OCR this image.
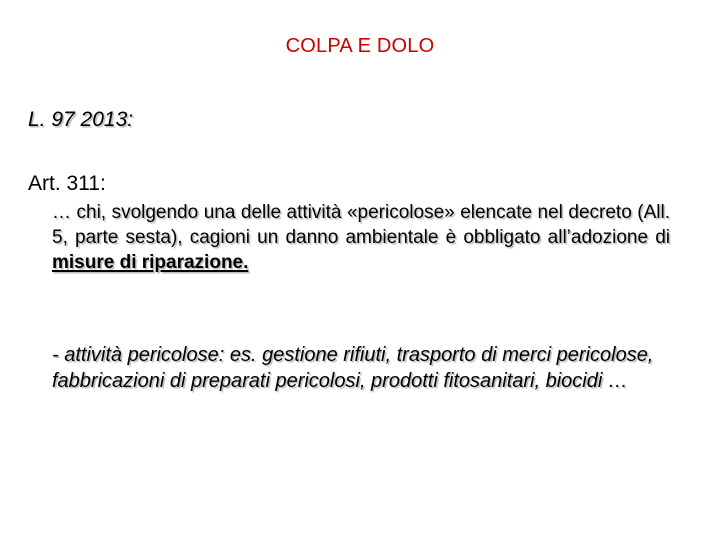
COLPA E DOLO
L. 97 2013:
Art. 311:
… chi, svolgendo una delle attività «pericolose» elencate nel decreto (All. 5, parte sesta), cagioni un danno ambientale è obbligato all’adozione di misure di riparazione.
- attività pericolose: es. gestione rifiuti, trasporto di merci pericolose, fabbricazioni di preparati pericolosi, prodotti fitosanitari, biocidi …
